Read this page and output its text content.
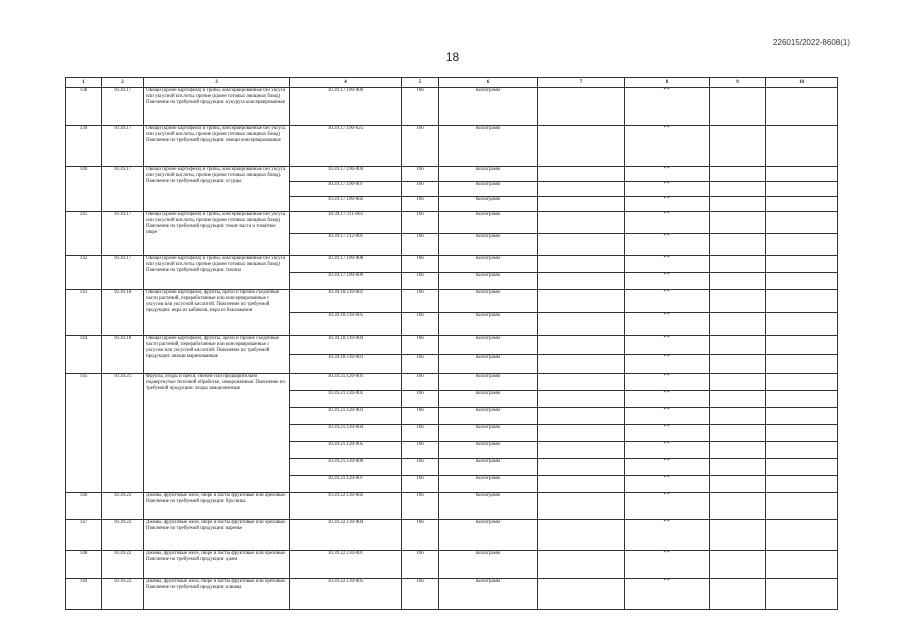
226015/2022-8608(1)
18
1	2	3	4	5	6	7	8	9	10
138	10.39.17	Овощи (кроме картофеля) и грибы, консервированные без уксуса или уксусной кислоты, прочие (кроме готовых овощных блюд) Пояснение по требуемой продукции: кукуруза консервированная	10.39.17.190-006	166	Килограмм		**		
139	10.39.17	Овощи (кроме картофеля) и грибы, консервированные без уксуса или уксусной кислоты, прочие (кроме готовых овощных блюд) Пояснение по требуемой продукции: овощи консервированные	10.39.17.190-025	166	Килограмм		**		
140	10.39.17	Овощи (кроме картофеля) и грибы, консервированные без уксуса или уксусной кислоты, прочие (кроме готовых овощных блюд). Пояснение по требуемой продукции: огурцы	10.39.17.190-004	166	Килограмм		**		
			10.39.17.190-007	166	Килограмм		**		
			10.39.17.190-002	166	Килограмм		**		
141	10.39.17	Овощи (кроме картофеля) и грибы, консервированные без уксуса или уксусной кислоты, прочие (кроме готовых овощных блюд) Пояснение по требуемой продукции: томат-паста и томатное пюре	10.39.17.111-002	166	Килограмм		**		
			10.39.17.112-001	166	Килограмм		**		
142	10.39.17	Овощи (кроме картофеля) и грибы, консервированные без уксуса или уксусной кислоты, прочие (кроме готовых овощных блюд) Пояснение по требуемой продукции: томаты	10.39.17.190-008	166	Килограмм		**		
			10.39.17.190-009	166	Килограмм		**		
143	10.39.18	Овощи (кроме картофеля), фрукты, орехи и прочие съедобные части растений, переработанные или консервированные с уксусом или уксусной кислотой. Пояснение по требуемой продукции: икра из кабачков, икра из баклажанов	10.39.18.110-002	166	Килограмм		**		
			10.39.18.110-005	166	Килограмм		**		
144	10.39.18	Овощи (кроме картофеля), фрукты, орехи и прочие съедобные части растений, переработанные или консервированные с уксусом или уксусной кислотой. Пояснение по требуемой продукции: овощи маринованные	10.39.18.110-004	166	Килограмм		**		
			10.39.18.110-003	166	Килограмм		**		
145	10.39.21	Фрукты, ягоды и орехи, свежие или предварительно подвергнутые тепловой обработке, замороженные. Пояснение по требуемой продукции: ягоды замороженные	10.39.21.120-001	166	Килограмм		**		
			10.39.21.120-002	166	Килограмм		**		
			10.39.21.120-003	166	Килограмм		**		
			10.39.21.120-004	166	Килограмм		**		
			10.39.21.120-005	166	Килограмм		**		
			10.39.21.120-006	166	Килограмм		**		
			10.39.21.120-007	166	Килограмм		**		
146	10.39.22	Джемы, фруктовые желе, пюре и пасты фруктовые или ореховые. Пояснение по требуемой продукции: брусника	10.39.22.130-002	166	Килограмм		**		
147	10.39.22	Джемы, фруктовые желе, пюре и пасты фруктовые или ореховые. Пояснение по требуемой продукции: варенье	10.39.22.130-004	166	Килограмм		**		
148	10.39.22	Джемы, фруктовые желе, пюре и пасты фруктовые или ореховые. Пояснение по требуемой продукции: джем	10.39.22.110-001	166	Килограмм		**		
149	10.39.22	Джемы, фруктовые желе, пюре и пасты фруктовые или ореховые. Пояснение по требуемой продукции: клюква	10.39.22.130-005	166	Килограмм		**		
